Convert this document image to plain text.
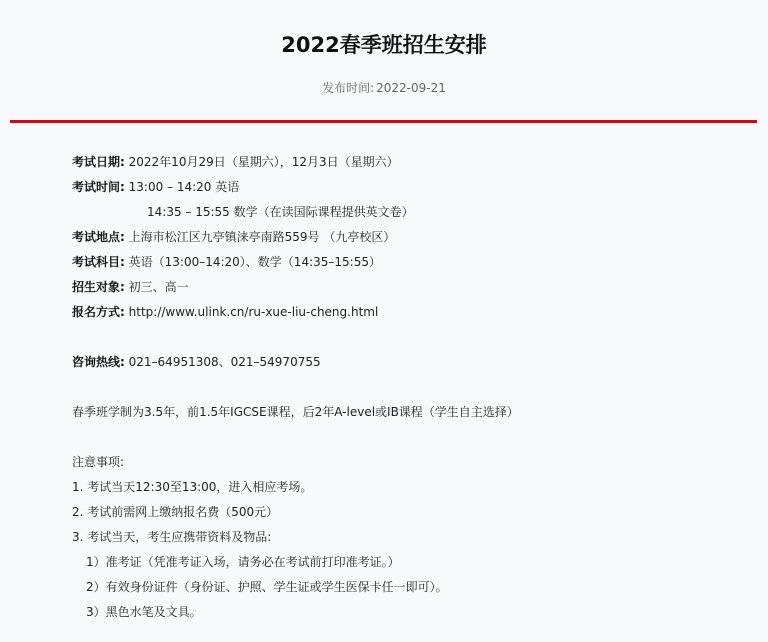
2022春季班招生安排
发布时间: 2022-09-21
考试日期: 2022年10月29日（星期六），12月3日（星期六）
考试时间: 13:00 – 14:20 英语
14:35 – 15:55 数学（在读国际课程提供英文卷）
考试地点: 上海市松江区九亭镇涞亭南路559号 （九亭校区）
考试科目: 英语（13:00–14:20）、数学（14:35–15:55）
招生对象: 初三、高一
报名方式: http://www.ulink.cn/ru-xue-liu-cheng.html
咨询热线: 021–64951308、021–54970755
春季班学制为3.5年，前1.5年IGCSE课程，后2年A-level或IB课程（学生自主选择）
注意事项:
1. 考试当天12:30至13:00，进入相应考场。
2. 考试前需网上缴纳报名费（500元）
3. 考试当天，考生应携带资料及物品:
1）准考证（凭准考证入场，请务必在考试前打印准考证。）
2）有效身份证件（身份证、护照、学生证或学生医保卡任一即可）。
3）黑色水笔及文具。
